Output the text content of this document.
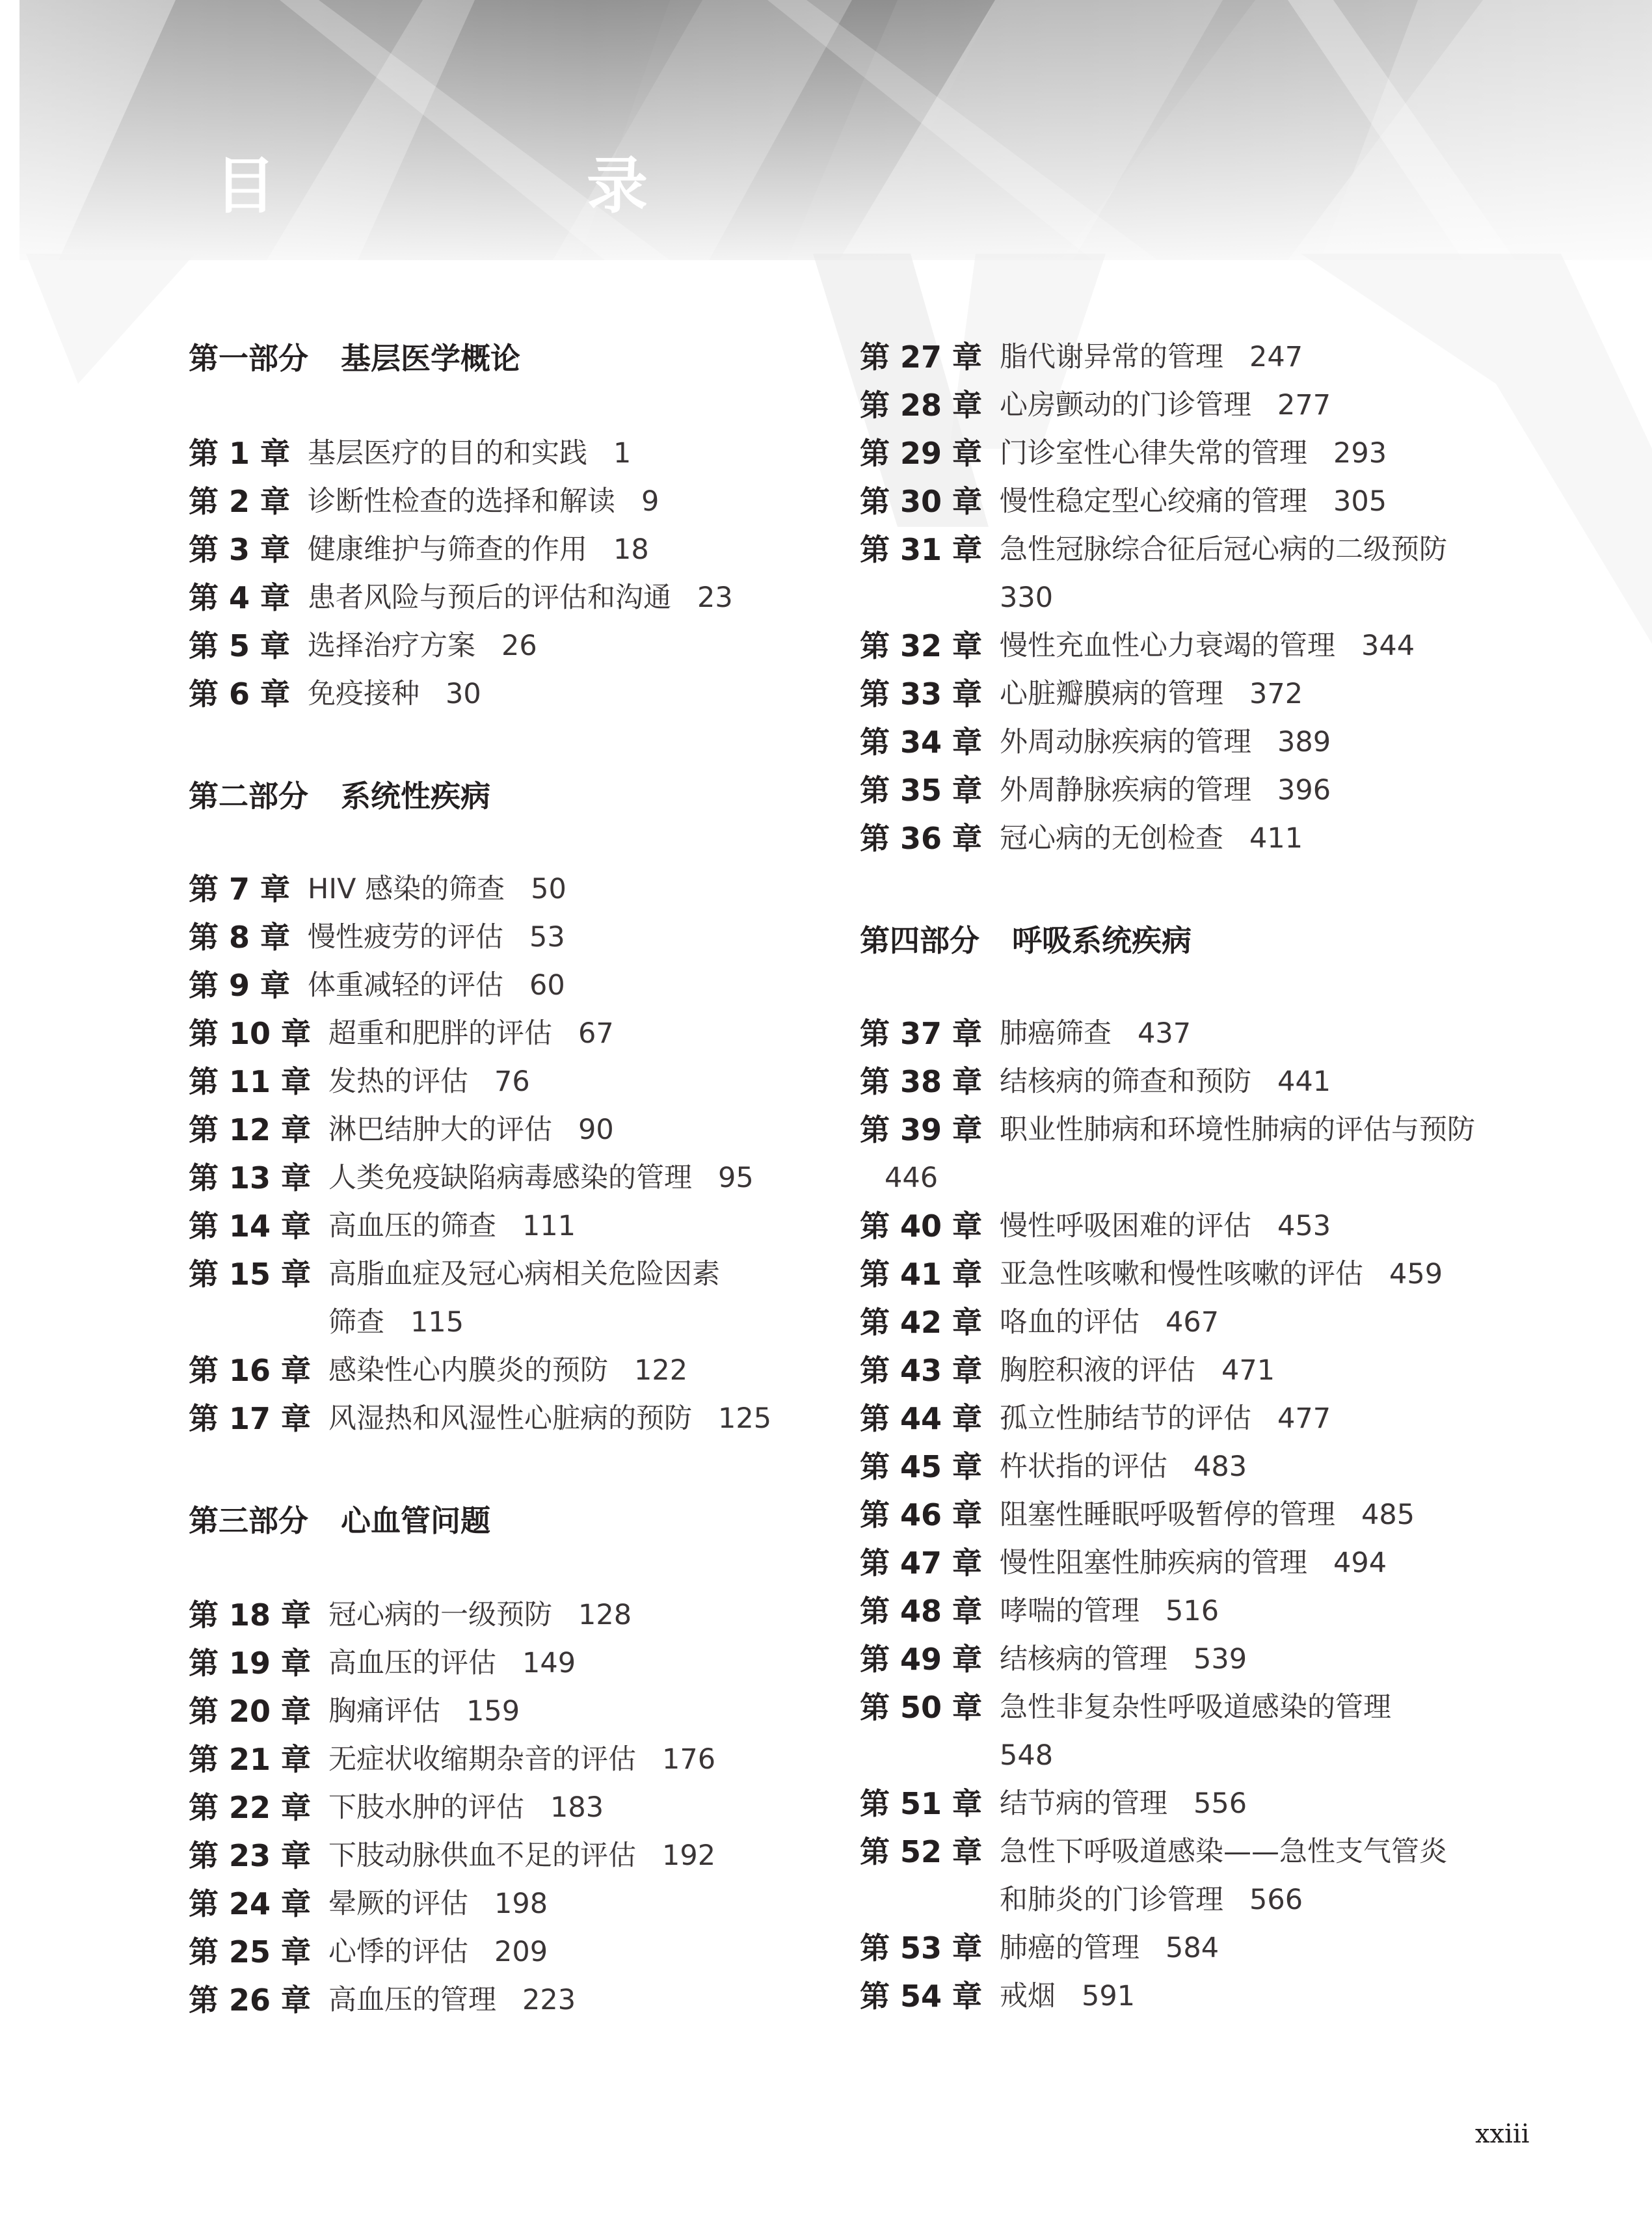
目　录
第一部分 基层医学概论
第 1 章 基层医疗的目的和实践 1
第 2 章 诊断性检查的选择和解读 9
第 3 章 健康维护与筛查的作用 18
第 4 章 患者风险与预后的评估和沟通 23
第 5 章 选择治疗方案 26
第 6 章 免疫接种 30
第二部分 系统性疾病
第 7 章 HIV 感染的筛查 50
第 8 章 慢性疲劳的评估 53
第 9 章 体重减轻的评估 60
第 10 章 超重和肥胖的评估 67
第 11 章 发热的评估 76
第 12 章 淋巴结肿大的评估 90
第 13 章 人类免疫缺陷病毒感染的管理 95
第 14 章 高血压的筛查 111
第 15 章 高脂血症及冠心病相关危险因素
筛查 115
第 16 章 感染性心内膜炎的预防 122
第 17 章 风湿热和风湿性心脏病的预防 125
第三部分 心血管问题
第 18 章 冠心病的一级预防 128
第 19 章 高血压的评估 149
第 20 章 胸痛评估 159
第 21 章 无症状收缩期杂音的评估 176
第 22 章 下肢水肿的评估 183
第 23 章 下肢动脉供血不足的评估 192
第 24 章 晕厥的评估 198
第 25 章 心悸的评估 209
第 26 章 高血压的管理 223
第 27 章 脂代谢异常的管理 247
第 28 章 心房颤动的门诊管理 277
第 29 章 门诊室性心律失常的管理 293
第 30 章 慢性稳定型心绞痛的管理 305
第 31 章 急性冠脉综合征后冠心病的二级预防
330
第 32 章 慢性充血性心力衰竭的管理 344
第 33 章 心脏瓣膜病的管理 372
第 34 章 外周动脉疾病的管理 389
第 35 章 外周静脉疾病的管理 396
第 36 章 冠心病的无创检查 411
第四部分 呼吸系统疾病
第 37 章 肺癌筛查 437
第 38 章 结核病的筛查和预防 441
第 39 章 职业性肺病和环境性肺病的评估与预防
446
第 40 章 慢性呼吸困难的评估 453
第 41 章 亚急性咳嗽和慢性咳嗽的评估 459
第 42 章 咯血的评估 467
第 43 章 胸腔积液的评估 471
第 44 章 孤立性肺结节的评估 477
第 45 章 杵状指的评估 483
第 46 章 阻塞性睡眠呼吸暂停的管理 485
第 47 章 慢性阻塞性肺疾病的管理 494
第 48 章 哮喘的管理 516
第 49 章 结核病的管理 539
第 50 章 急性非复杂性呼吸道感染的管理
548
第 51 章 结节病的管理 556
第 52 章 急性下呼吸道感染——急性支气管炎
和肺炎的门诊管理 566
第 53 章 肺癌的管理 584
第 54 章 戒烟 591
xxiii
